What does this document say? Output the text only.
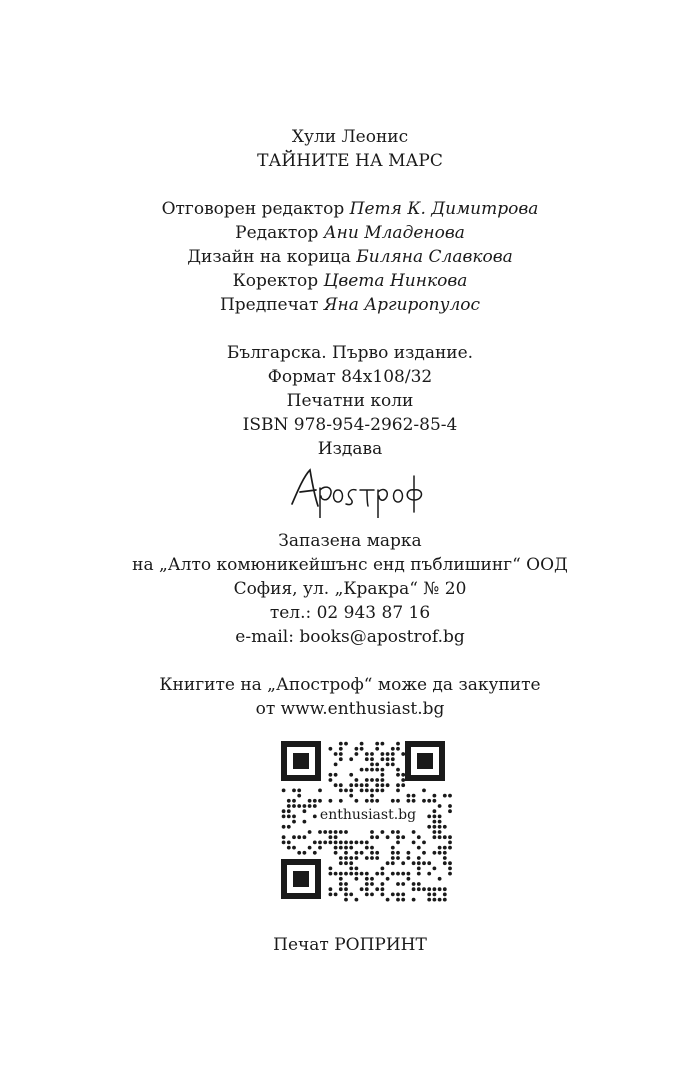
Хули Леонис
ТАЙНИТЕ НА МАРС
Отговорен редактор Петя К. Димитрова
Редактор Ани Младенова
Дизайн на корица Биляна Славкова
Коректор Цвета Нинкова
Предпечат Яна Аргиропулос
Българска. Първо издание.
Формат 84x108/32
Печатни коли
ISBN 978-954-2962-85-4
Издава
Запазена марка
на „Алто комюникейшънс енд пъблишинг“ ООД
София, ул. „Кракра“ № 20
тел.: 02 943 87 16
e-mail: books@apostrof.bg
Книгите на „Апостроф“ може да закупите
от www.enthusiast.bg
enthusiast.bg
Печат РОПРИНТ
